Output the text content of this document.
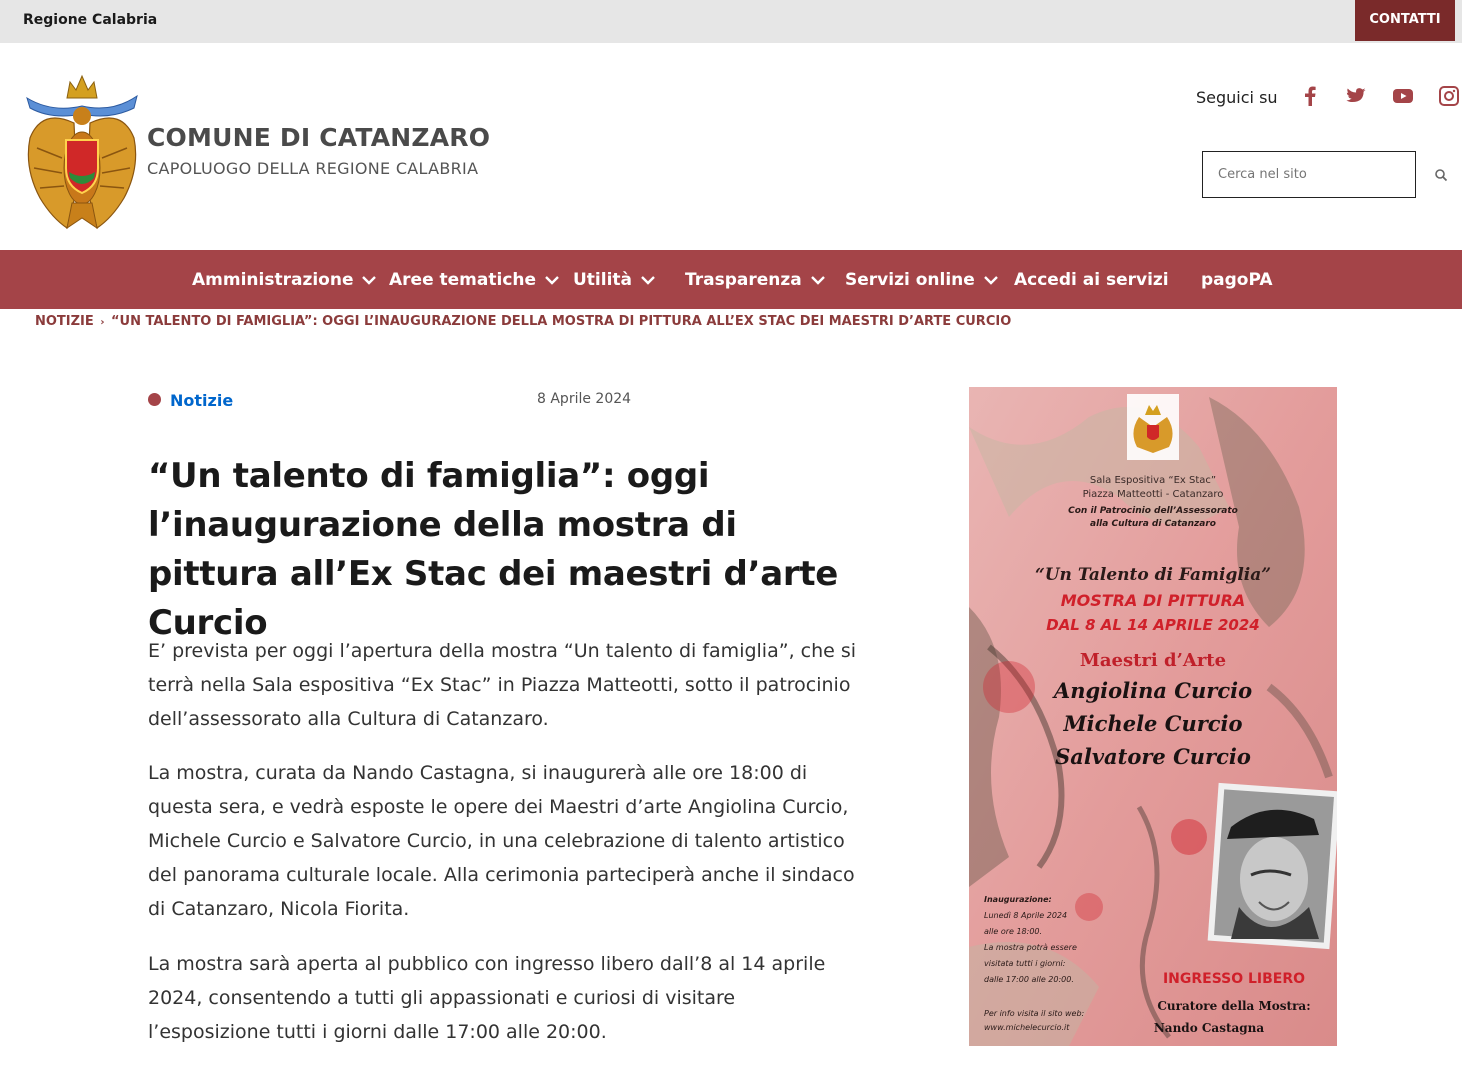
Regione Calabria	CONTATTI
COMUNE DI CATANZARO
CAPOLUOGO DELLA REGIONE CALABRIA
Seguici su
Cerca nel sito
Amministrazione Aree tematiche Utilità	Trasparenza	Servizi online Accedi ai servizi pagoPA
NOTIZIE › “UN TALENTO DI FAMIGLIA”: OGGI L’INAUGURAZIONE DELLA MOSTRA DI PITTURA ALL’EX STAC DEI MAESTRI D’ARTE CURCIO
Notizie	8 Aprile 2024
“Un talento di famiglia”: oggi l’inaugurazione della mostra di pittura all’Ex Stac dei maestri d’arte Curcio

E’ prevista per oggi l’apertura della mostra “Un talento di famiglia”, che si terrà nella Sala espositiva “Ex Stac” in Piazza Matteotti, sotto il patrocinio dell’assessorato alla Cultura di Catanzaro.

La mostra, curata da Nando Castagna, si inaugurerà alle ore 18:00 di questa sera, e vedrà esposte le opere dei Maestri d’arte Angiolina Curcio, Michele Curcio e Salvatore Curcio, in una celebrazione di talento artistico del panorama culturale locale. Alla cerimonia parteciperà anche il sindaco di Catanzaro, Nicola Fiorita.

La mostra sarà aperta al pubblico con ingresso libero dall’8 al 14 aprile 2024, consentendo a tutti gli appassionati e curiosi di visitare l’esposizione tutti i giorni dalle 17:00 alle 20:00.

Sala Espositiva “Ex Stac”
Piazza Matteotti - Catanzaro
Con il Patrocinio dell’Assessorato
alla Cultura di Catanzaro
“Un Talento di Famiglia”
MOSTRA DI PITTURA
DAL 8 AL 14 APRILE 2024
Maestri d’Arte
Angiolina Curcio
Michele Curcio
Salvatore Curcio
Inaugurazione:
Lunedì 8 Aprile 2024
alle ore 18:00.
La mostra potrà essere
visitata tutti i giorni:
dalle 17:00 alle 20:00.
Per info visita il sito web:
www.michelecurcio.it
INGRESSO LIBERO
Curatore della Mostra:
Nando Castagna
